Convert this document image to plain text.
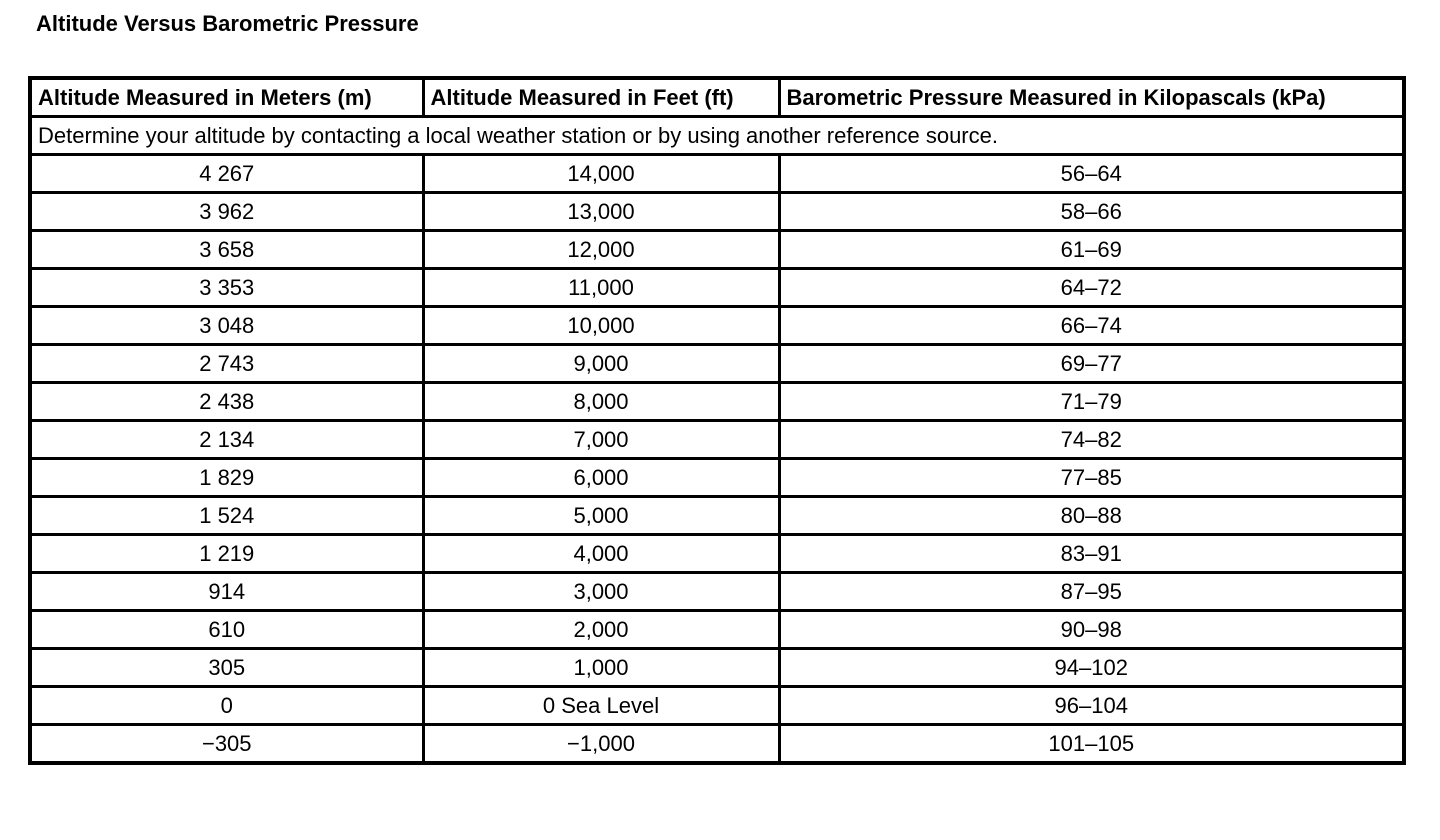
Altitude Versus Barometric Pressure
Altitude Measured in Meters (m)	Altitude Measured in Feet (ft)	Barometric Pressure Measured in Kilopascals (kPa)
Determine your altitude by contacting a local weather station or by using another reference source.		
4 267	14,000	56–64
3 962	13,000	58–66
3 658	12,000	61–69
3 353	11,000	64–72
3 048	10,000	66–74
2 743	9,000	69–77
2 438	8,000	71–79
2 134	7,000	74–82
1 829	6,000	77–85
1 524	5,000	80–88
1 219	4,000	83–91
914	3,000	87–95
610	2,000	90–98
305	1,000	94–102
0	0 Sea Level	96–104
−305	−1,000	101–105
